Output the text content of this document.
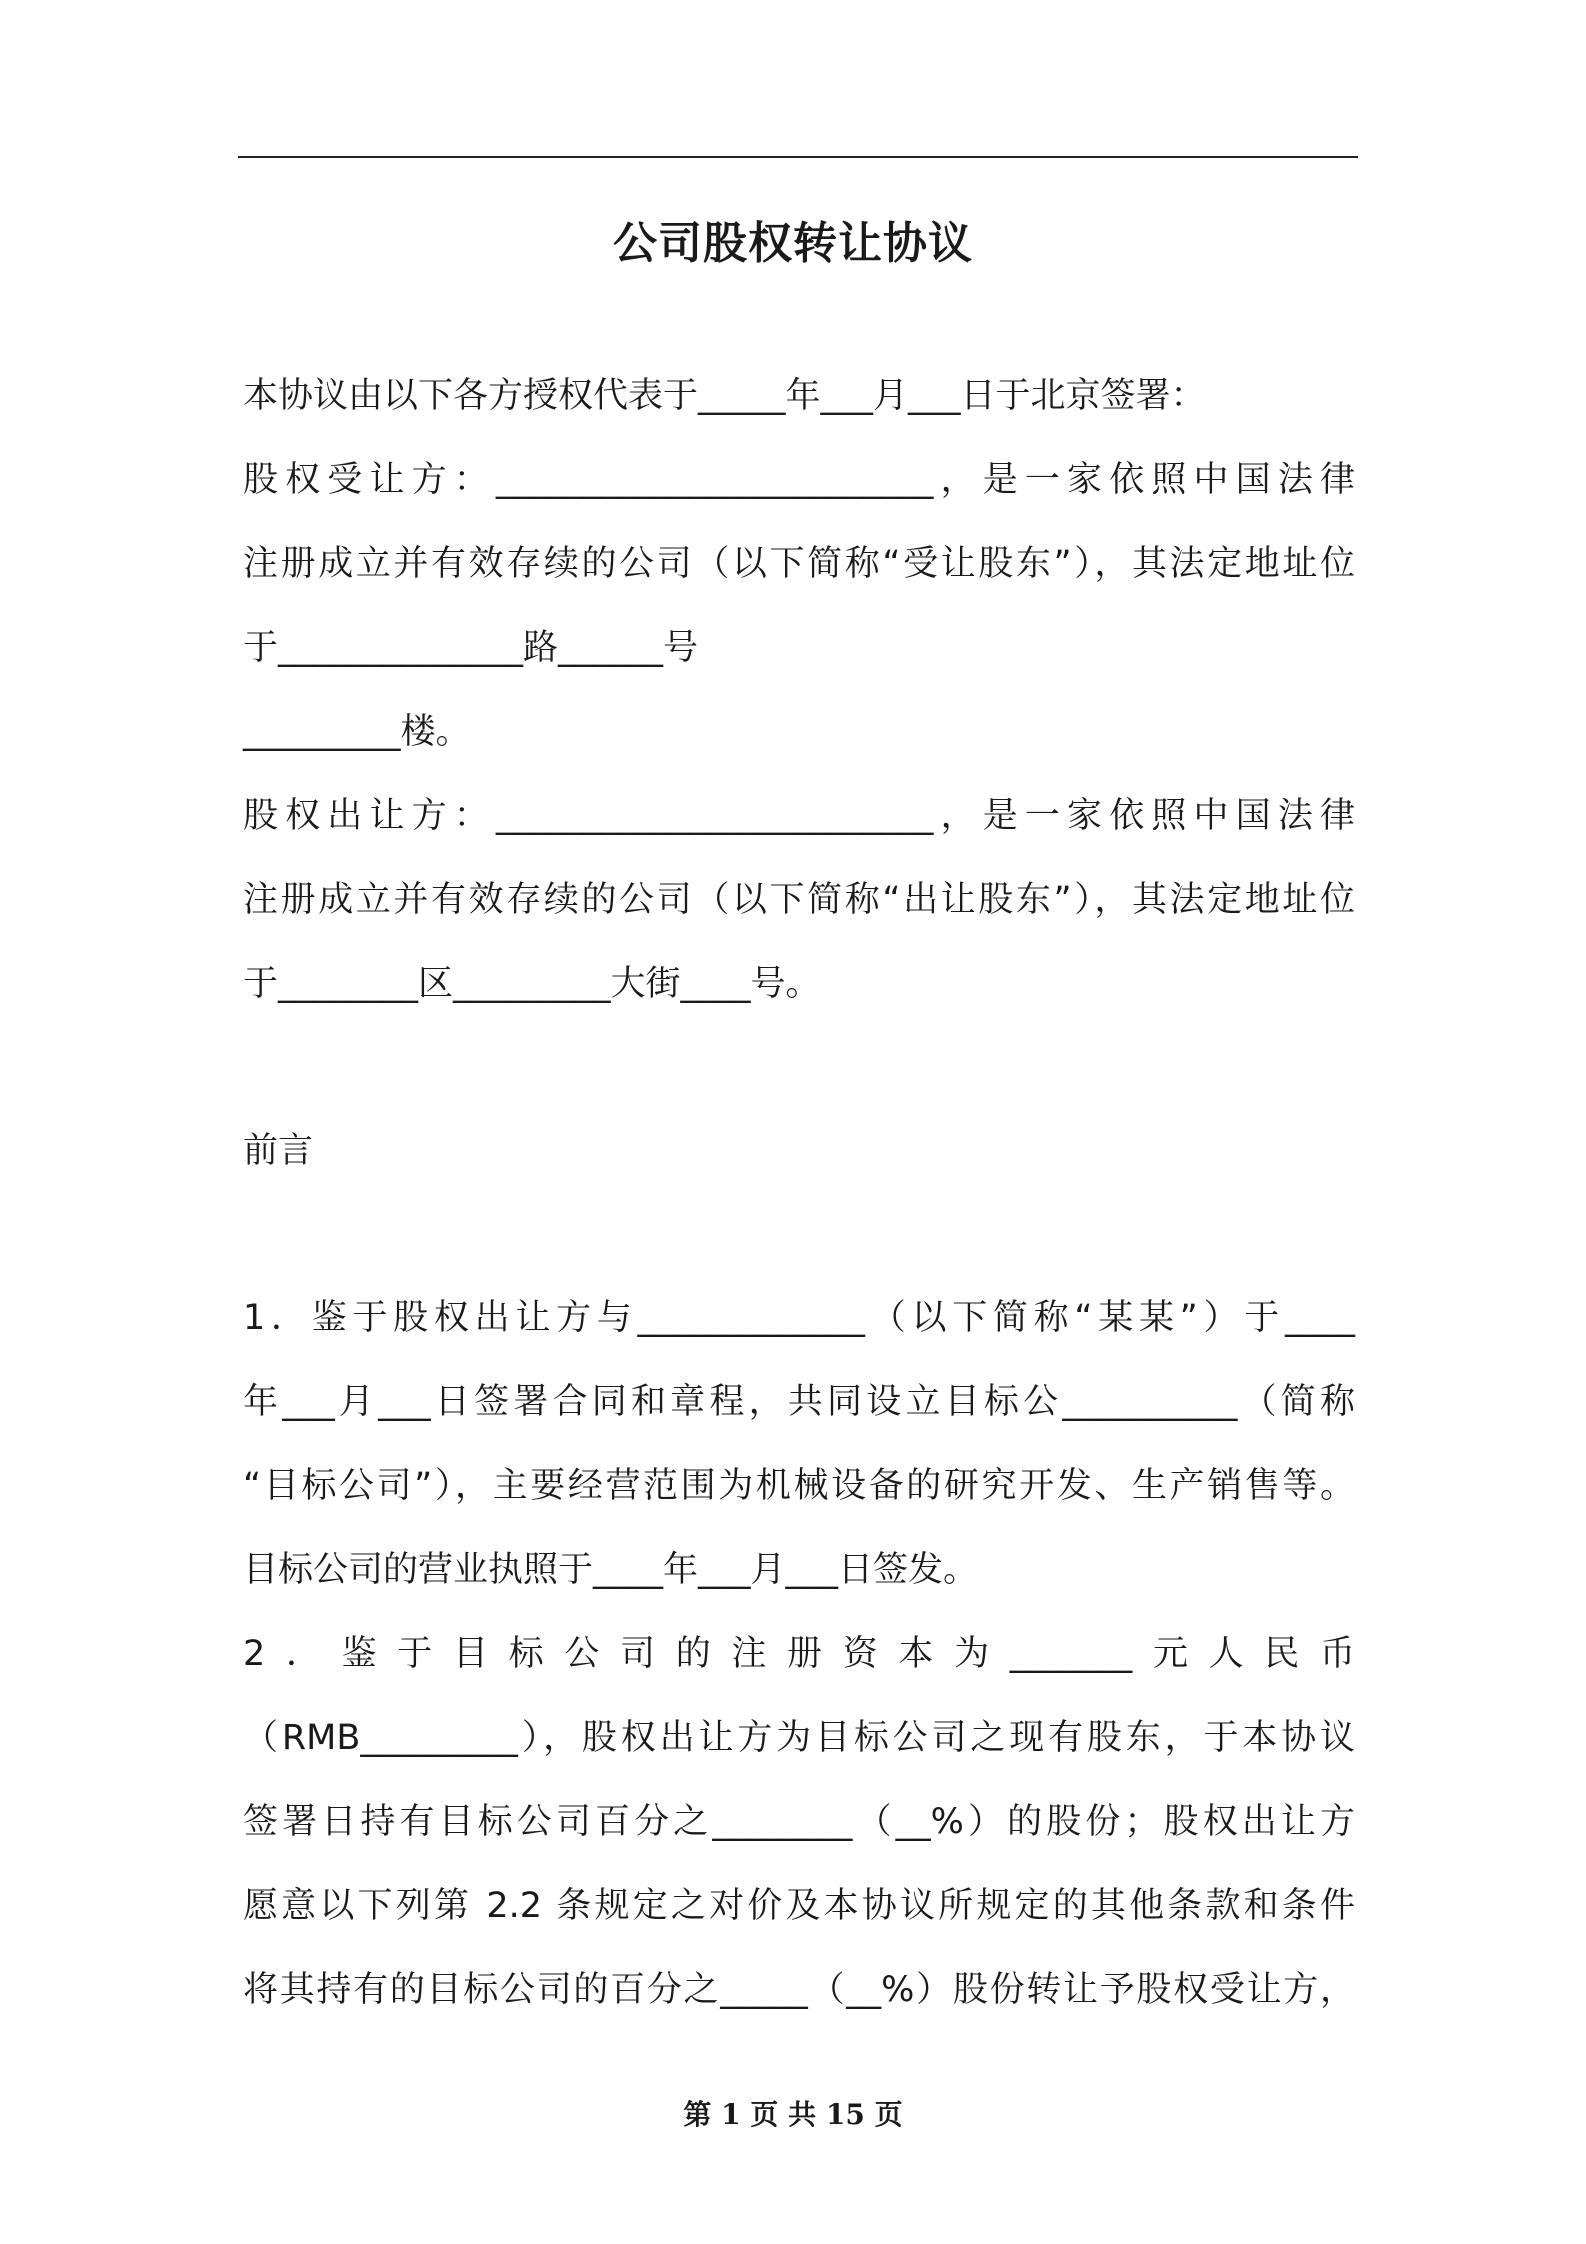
公司股权转让协议
本协议由以下各方授权代表于_____年___月___日于北京签署：
股权受让方：_________________________，是一家依照中国法律
注册成立并有效存续的公司（以下简称“受让股东”），其法定地址位
于______________路______号
_________楼。
股权出让方：_________________________，是一家依照中国法律
注册成立并有效存续的公司（以下简称“出让股东”），其法定地址位
于________区_________大街____号。
前言
1．鉴于股权出让方与_____________（以下简称“某某”）于____
年___月___日签署合同和章程，共同设立目标公__________（简称
“目标公司”），主要经营范围为机械设备的研究开发、生产销售等。
目标公司的营业执照于____年___月___日签发。
2．鉴于目标公司的注册资本为_______元人民币
（RMB_________），股权出让方为目标公司之现有股东，于本协议
签署日持有目标公司百分之________（__%）的股份；股权出让方
愿意以下列第 2.2 条规定之对价及本协议所规定的其他条款和条件
将其持有的目标公司的百分之_____（__%）股份转让予股权受让方，
第 1 页 共 15 页
